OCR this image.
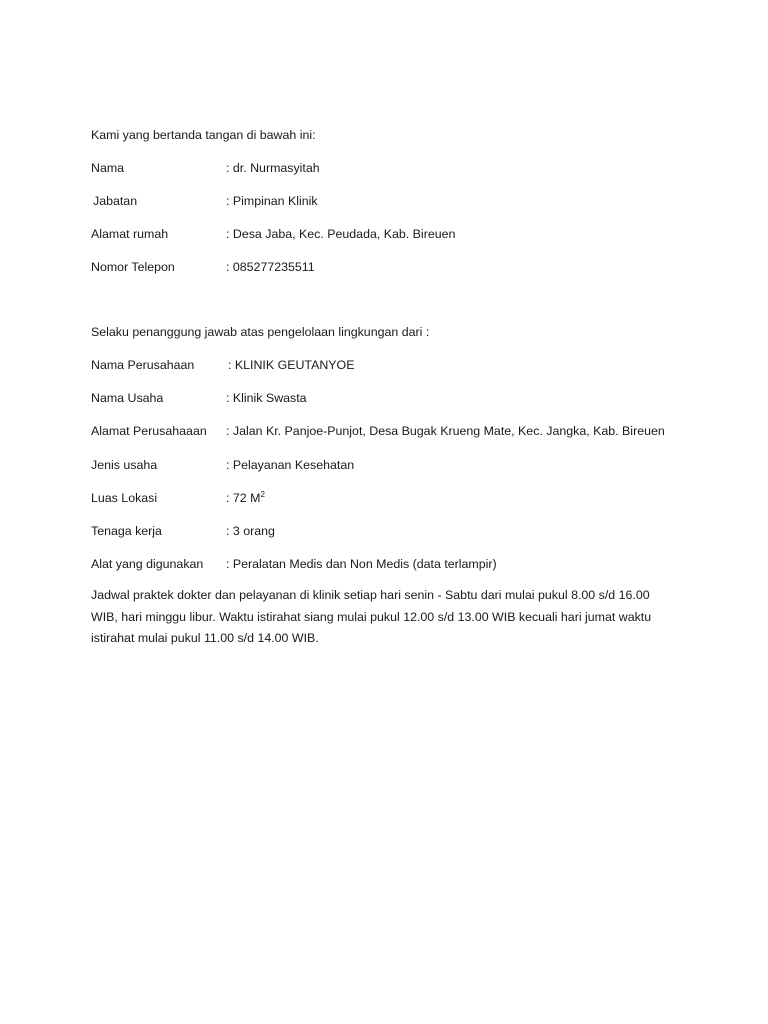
Kami yang bertanda tangan di bawah ini:
Nama	: dr. Nurmasyitah
Jabatan	: Pimpinan Klinik
Alamat rumah	: Desa Jaba, Kec. Peudada, Kab. Bireuen
Nomor Telepon	: 085277235511
Selaku penanggung jawab atas pengelolaan lingkungan dari :
Nama Perusahaan	: KLINIK GEUTANYOE
Nama Usaha	: Klinik Swasta
Alamat Perusahaaan : Jalan Kr. Panjoe-Punjot, Desa Bugak Krueng Mate, Kec. Jangka, Kab. Bireuen
Jenis usaha	: Pelayanan Kesehatan
Luas Lokasi	: 72 $M^2$
Tenaga kerja	: 3 orang
Alat yang digunakan : Peralatan Medis dan Non Medis (data terlampir)
Jadwal praktek dokter dan pelayanan di klinik setiap hari senin - Sabtu dari mulai pukul 8.00 s/d 16.00
WIB, hari minggu libur. Waktu istirahat siang mulai pukul 12.00 s/d 13.00 WIB kecuali hari jumat waktu
istirahat mulai pukul 11.00 s/d 14.00 WIB.
